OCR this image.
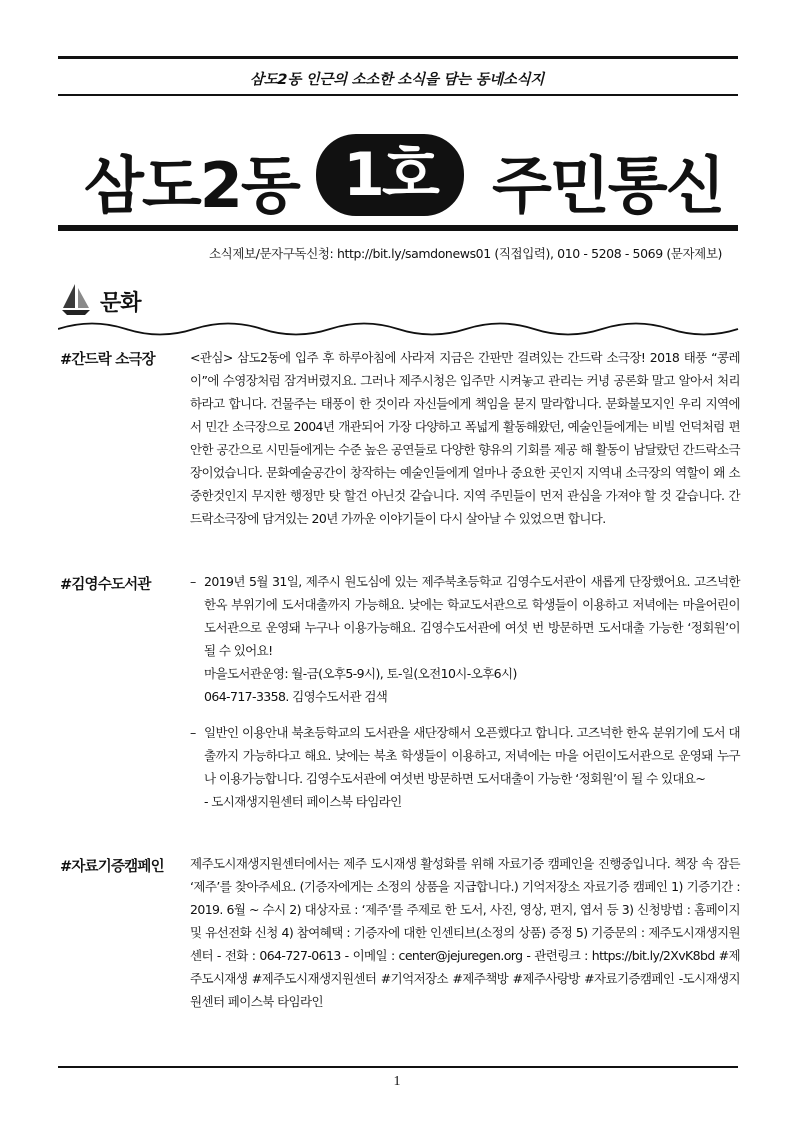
삼도2동 인근의 소소한 소식을 담는 동네소식지
삼도2동 1호 주민통신
소식제보/문자구독신청: http://bit.ly/samdonews01 (직접입력), 010 - 5208 - 5069 (문자제보)
문화
#간드락 소극장	<관심> 삼도2동에 입주 후 하루아침에 사라져 지금은 간판만 걸려있는 간드락 소극장! 2018 태풍 “콩레이”에 수영장처럼 잠겨버렸지요. 그러나 제주시청은 입주만 시켜놓고 관리는 커녕 공론화 말고 알아서 처리 하라고 합니다. 건물주는 태풍이 한 것이라 자신들에게 책임을 묻지 말라합니다. 문화불모지인 우리 지역에서 민간 소극장으로 2004년 개관되어 가장 다양하고 폭넓게 활동해왔던, 예술인들에게는 비빌 언덕처럼 편안한 공간으로 시민들에게는 수준 높은 공연들로 다양한 향유의 기회를 제공 해 활동이 남달랐던 간드락소극장이었습니다. 문화예술공간이 창작하는 예술인들에게 얼마나 중요한 곳인지 지역내 소극장의 역할이 왜 소중한것인지 무지한 행정만 탓 할건 아닌것 같습니다. 지역 주민들이 먼저 관심을 가져야 할 것 같습니다. 간드락소극장에 담겨있는 20년 가까운 이야기들이 다시 살아날 수 있었으면 합니다.

#김영수도서관	– 2019년 5월 31일, 제주시 원도심에 있는 제주북초등학교 김영수도서관이 새롭게 단장했어요. 고즈넉한 한옥 부위기에 도서대출까지 가능해요. 낮에는 학교도서관으로 학생들이 이용하고 저녁에는 마을어린이도서관으로 운영돼 누구나 이용가능해요. 김영수도서관에 여섯 번 방문하면 도서대출 가능한 ‘정회원’이 될 수 있어요!

마을도서관운영: 월-금(오후5-9시), 토-일(오전10시-오후6시)
064-717-3358. 김영수도서관 검색
– 일반인 이용안내 북초등학교의 도서관을 새단장해서 오픈했다고 합니다. 고즈넉한 한옥 분위기에 도서 대출까지 가능하다고 해요. 낮에는 북초 학생들이 이용하고, 저녁에는 마을 어린이도서관으로 운영돼 누구나 이용가능합니다. 김영수도서관에 여섯번 방문하면 도서대출이 가능한 ‘정회원’이 될 수 있대요~

- 도시재생지원센터 페이스북 타임라인
#자료기증캠페인 제주도시재생지원센터에서는 제주 도시재생 활성화를 위해 자료기증 캠페인을 진행중입니다. 책장 속 잠든 ‘제주’를 찾아주세요. (기증자에게는 소정의 상품을 지급합니다.) 기억저장소 자료기증 캠페인 1) 기증기간 : 2019. 6월 ~ 수시 2) 대상자료 : ‘제주’를 주제로 한 도서, 사진, 영상, 편지, 엽서 등 3) 신청방법 : 홈페이지 및 유선전화 신청 4) 참여혜택 : 기증자에 대한 인센티브(소정의 상품) 증정 5) 기증문의 : 제주도시재생지원센터 - 전화 : 064-727-0613 - 이메일 : center@jejuregen.org - 관련링크 : https://bit.ly/2XvK8bd #제주도시재생 #제주도시재생지원센터 #기억저장소 #제주책방 #제주사랑방 #자료기증캠페인 -도시재생지원센터 페이스북 타임라인

1
